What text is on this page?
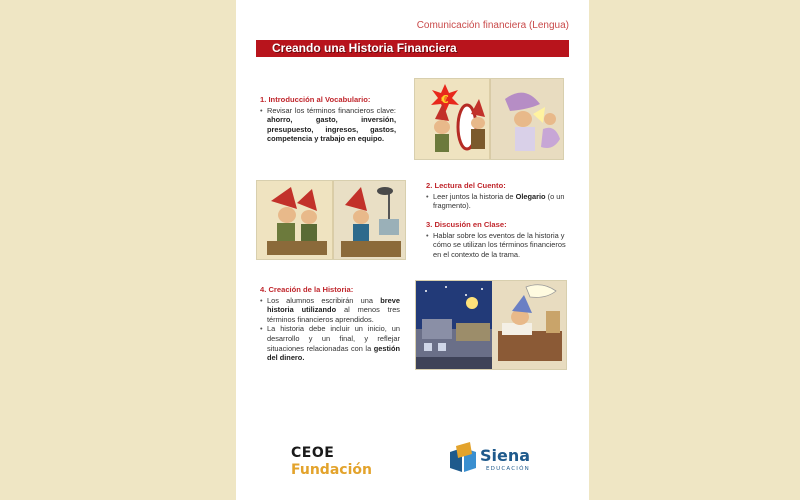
Comunicación financiera (Lengua)
Creando una Historia Financiera
1. Introducción al Vocabulario:
• Revisar los términos financieros clave: ahorro, gasto, inversión, presupuesto, ingresos, gastos, competencia y trabajo en equipo.
€
2. Lectura del Cuento:
• Leer juntos la historia de Olegario (o un fragmento).
3. Discusión en Clase:
• Hablar sobre los eventos de la historia y cómo se utilizan los términos financieros en el contexto de la trama.
4. Creación de la Historia:
• Los alumnos escribirán una breve historia utilizando al menos tres términos financieros aprendidos.
• La historia debe incluir un inicio, un desarrollo y un final, y reflejar situaciones relacionadas con la gestión del dinero.
CEOE
Fundación
Siena
EDUCACIÓN
